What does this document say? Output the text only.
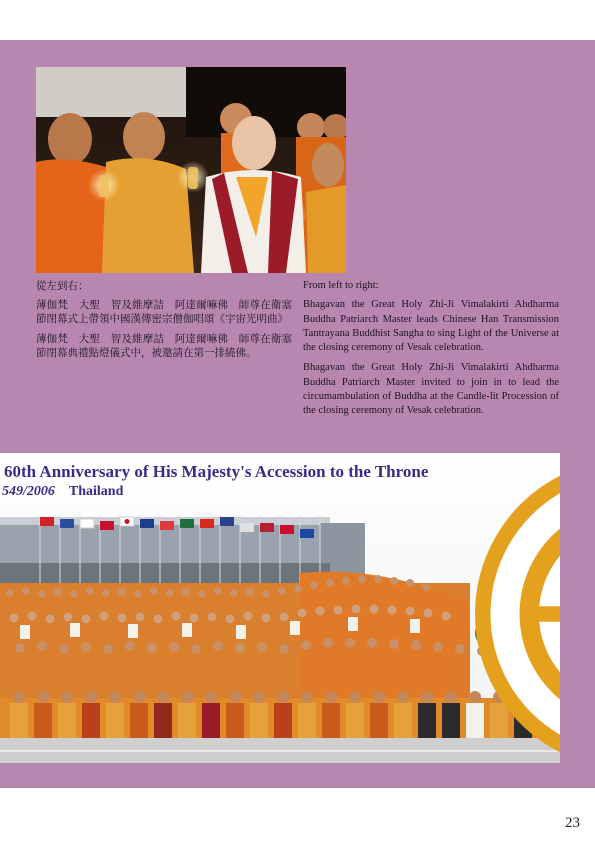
從左到右：

薄伽梵　大聖　智及維摩詰　阿達爾嘛佛　師尊在衛塞節閉幕式上帶領中國漢傳密宗僧伽唱頌《宇宙光明曲》

薄伽梵　大聖　智及維摩詰　阿達爾嘛佛　師尊在衛塞節閉幕典禮點燈儀式中，被邀請在第一排繞佛。

From left to right:

Bhagavan the Great Holy Zhi-Ji Vimalakirti Ahdharma Buddha Patriarch Master leads Chinese Han Transmission Tantrayana Buddhist Sangha to sing Light of the Universe at the closing ceremony of Vesak celebration.

Bhagavan the Great Holy Zhi-Ji Vimalakirti Ahdharma Buddha Patriarch Master invited to join in to lead the circumambulation of Buddha at the Candle-lit Procession of the closing ceremony of Vesak celebration.

60th Anniversary of His Majesty's Accession to the Throne
549/2006 Thailand
23
